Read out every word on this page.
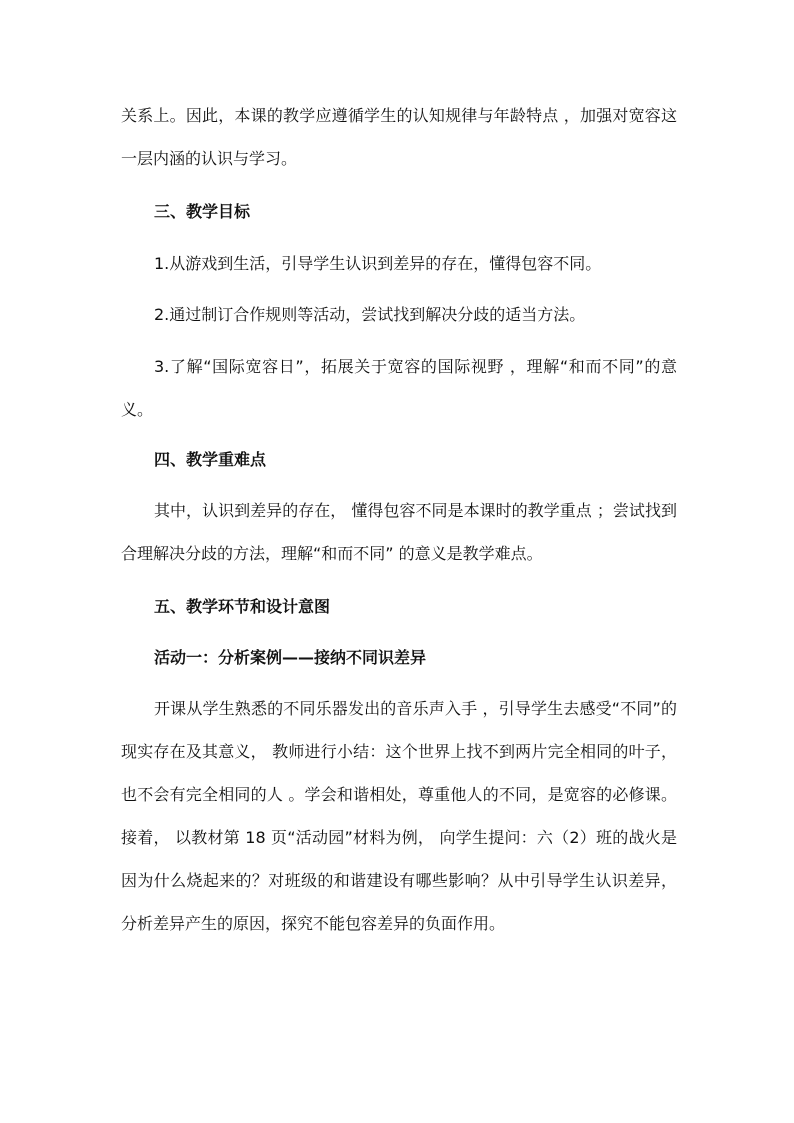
关系上。因此，本课的教学应遵循学生的认知规律与年龄特点 ，加强对宽容这一层内涵的认识与学习。

三、教学目标

1.从游戏到生活，引导学生认识到差异的存在，懂得包容不同。

2.通过制订合作规则等活动，尝试找到解决分歧的适当方法。

3.了解“国际宽容日”，拓展关于宽容的国际视野 ，理解“和而不同”的意义。

四、教学重难点

其中，认识到差异的存在， 懂得包容不同是本课时的教学重点 ；尝试找到合理解决分歧的方法，理解“和而不同” 的意义是教学难点。

五、教学环节和设计意图

活动一：分析案例——接纳不同识差异

开课从学生熟悉的不同乐器发出的音乐声入手 ，引导学生去感受“不同”的现实存在及其意义， 教师进行小结：这个世界上找不到两片完全相同的叶子，也不会有完全相同的人 。学会和谐相处，尊重他人的不同，是宽容的必修课。接着， 以教材第 18 页“活动园”材料为例， 向学生提问：六（2）班的战火是因为什么烧起来的？对班级的和谐建设有哪些影响？从中引导学生认识差异，分析差异产生的原因，探究不能包容差异的负面作用。
